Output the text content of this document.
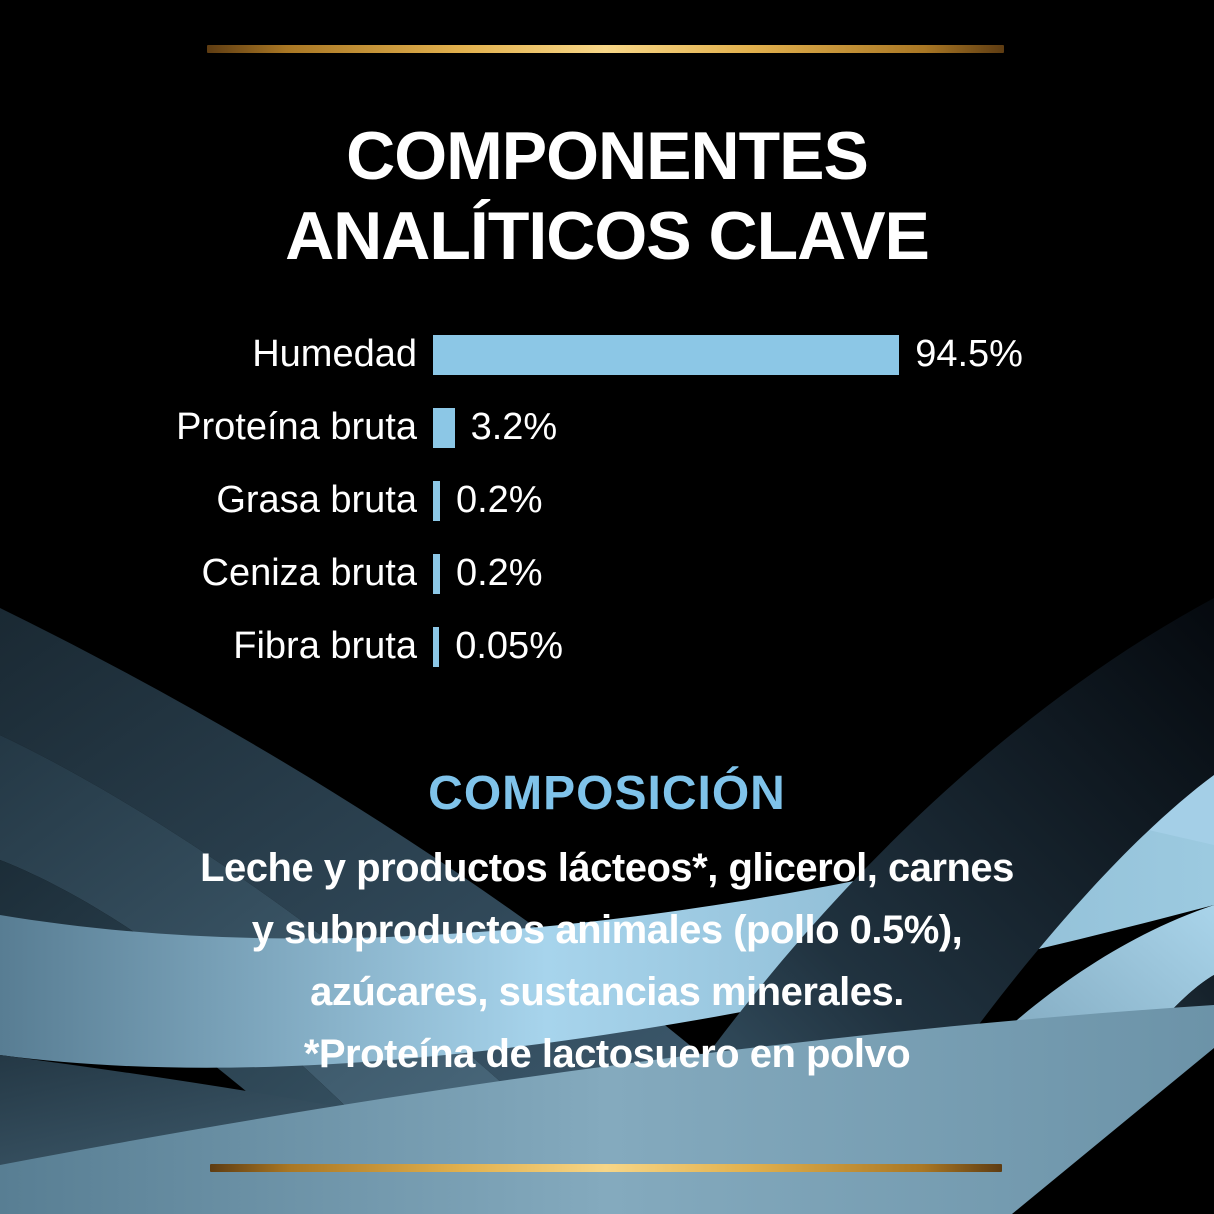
COMPONENTES
ANALÍTICOS CLAVE
Humedad	94.5%
Proteína bruta 3.2%
Grasa bruta 0.2%
Ceniza bruta 0.2%
Fibra bruta 0.05%
COMPOSICIÓN
Leche y productos lácteos*, glicerol, carnes
y subproductos animales (pollo 0.5%),
azúcares, sustancias minerales.
*Proteína de lactosuero en polvo
